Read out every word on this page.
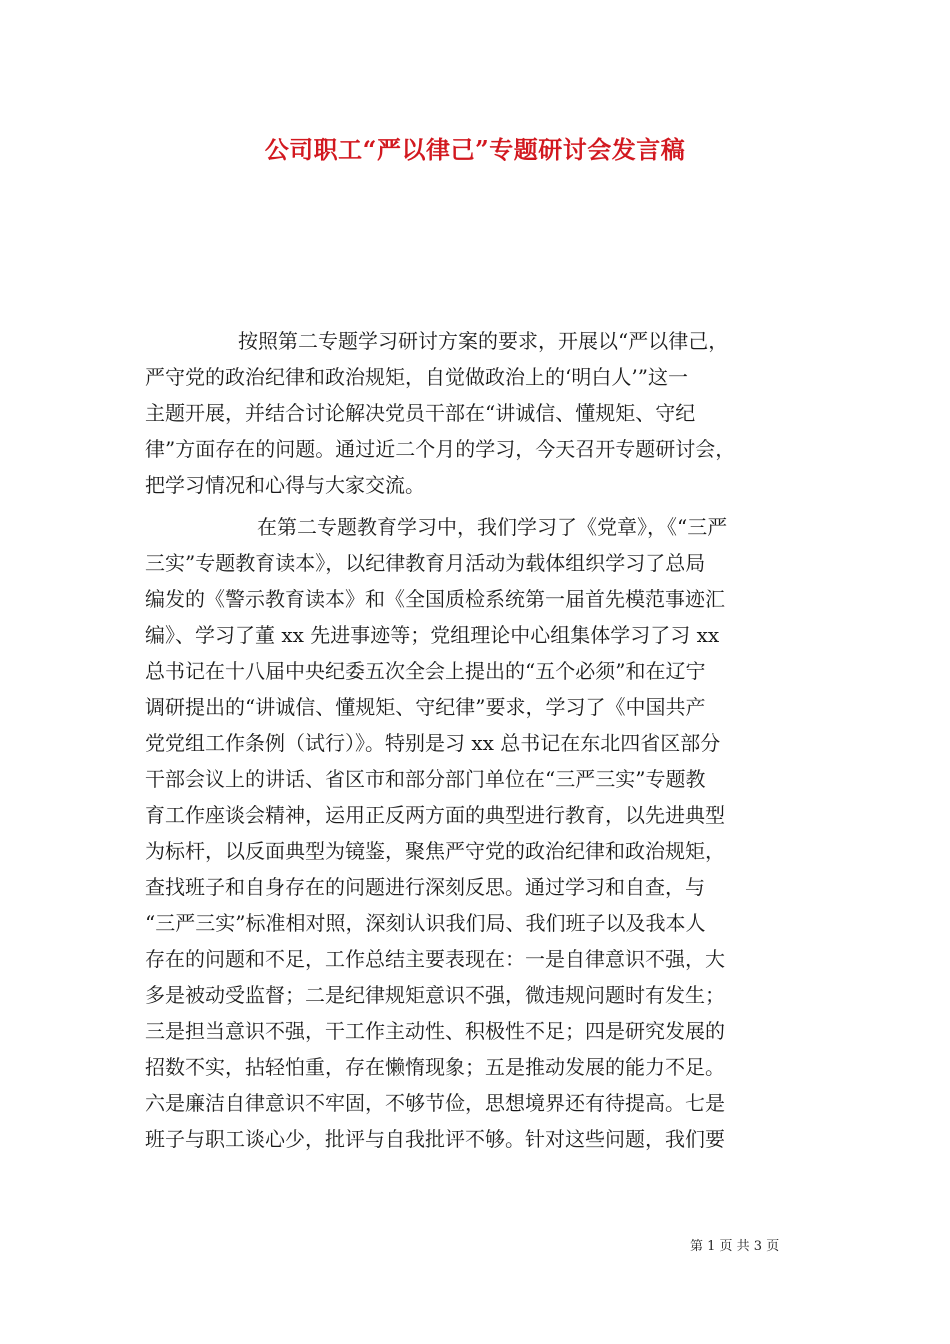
公司职工“严以律己”专题研讨会发言稿
按照第二专题学习研讨方案的要求，开展以“严以律己，
严守党的政治纪律和政治规矩，自觉做政治上的‘明白人’”这一
主题开展，并结合讨论解决党员干部在“讲诚信、懂规矩、守纪
律”方面存在的问题。通过近二个月的学习，今天召开专题研讨会，
把学习情况和心得与大家交流。
在第二专题教育学习中，我们学习了《党章》，《“三严
三实”专题教育读本》，以纪律教育月活动为载体组织学习了总局
编发的《警示教育读本》和《全国质检系统第一届首先模范事迹汇
编》、学习了董 xx 先进事迹等；党组理论中心组集体学习了习 xx
总书记在十八届中央纪委五次全会上提出的“五个必须”和在辽宁
调研提出的“讲诚信、懂规矩、守纪律”要求，学习了《中国共产
党党组工作条例（试行）》。特别是习 xx 总书记在东北四省区部分
干部会议上的讲话、省区市和部分部门单位在“三严三实”专题教
育工作座谈会精神，运用正反两方面的典型进行教育，以先进典型
为标杆，以反面典型为镜鉴，聚焦严守党的政治纪律和政治规矩，
查找班子和自身存在的问题进行深刻反思。通过学习和自查，与
“三严三实”标准相对照，深刻认识我们局、我们班子以及我本人
存在的问题和不足，工作总结主要表现在：一是自律意识不强，大
多是被动受监督；二是纪律规矩意识不强，微违规问题时有发生；
三是担当意识不强，干工作主动性、积极性不足；四是研究发展的
招数不实，拈轻怕重，存在懒惰现象；五是推动发展的能力不足。
六是廉洁自律意识不牢固，不够节俭，思想境界还有待提高。七是
班子与职工谈心少，批评与自我批评不够。针对这些问题，我们要
第 1 页 共 3 页
